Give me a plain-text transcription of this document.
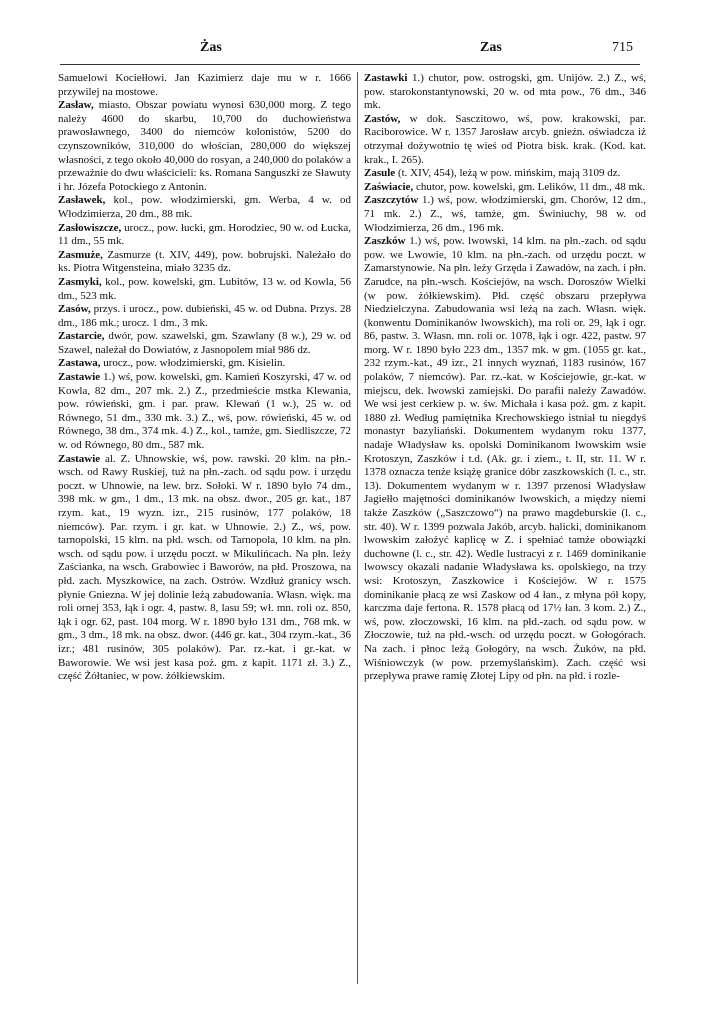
Żas	Zas	715

Samuelowi Kociełłowi. Jan Kazimierz daje mu w r. 1666 przywilej na mostowe.

Zasław, miasto. Obszar powiatu wynosi 630,000 morg. Z tego należy 4600 do skarbu, 10,700 do duchowieństwa prawosławnego, 3400 do niemców kolonistów, 5200 do czynszowników, 310,000 do włościan, 280,000 do większej własności, z tego około 40,000 do rosyan, a 240,000 do polaków a przeważnie do dwu właścicieli: ks. Romana Sanguszki ze Sławuty i hr. Józefa Potockiego z Antonin.

Zasławek, kol., pow. włodzimierski, gm. Werba, 4 w. od Włodzimierza, 20 dm., 88 mk.

Zasłowiszcze, urocz., pow. łucki, gm. Horodziec, 90 w. od Łucka, 11 dm., 55 mk.

Zasmuże, Zasmurze (t. XIV, 449), pow. bobrujski. Należało do ks. Piotra Witgensteina, miało 3235 dz.

Zasmyki, kol., pow. kowelski, gm. Lubitów, 13 w. od Kowla, 56 dm., 523 mk.

Zasów, przys. i urocz., pow. dubieński, 45 w. od Dubna. Przys. 28 dm., 186 mk.; urocz. 1 dm., 3 mk.

Zastarcie, dwór, pow. szawelski, gm. Szawlany (8 w.), 29 w. od Szawel, należał do Dowiatów, z Jasnopolem miał 986 dz.

Zastawa, urocz., pow. włodzimierski, gm. Kisielin.

Zastawie 1.) wś, pow. kowelski, gm. Kamień Koszyrski, 47 w. od Kowla, 82 dm., 207 mk. 2.) Z., przedmieście mstka Klewania, pow. rówieński, gm. i par. praw. Klewań (1 w.), 25 w. od Równego, 51 dm., 330 mk. 3.) Z., wś, pow. rówieński, 45 w. od Równego, 38 dm., 374 mk. 4.) Z., kol., tamże, gm. Siedliszcze, 72 w. od Równego, 80 dm., 587 mk.

Zastawie al. Z. Uhnowskie, wś, pow. rawski. 20 klm. na płn.-wsch. od Rawy Ruskiej, tuż na płn.-zach. od sądu pow. i urzędu poczt. w Uhnowie, na lew. brz. Sołoki. W r. 1890 było 74 dm., 398 mk. w gm., 1 dm., 13 mk. na obsz. dwor., 205 gr. kat., 187 rzym. kat., 19 wyzn. izr., 215 rusinów, 177 polaków, 18 niemców). Par. rzym. i gr. kat. w Uhnowie. 2.) Z., wś, pow. tarnopolski, 15 klm. na płd. wsch. od Tarnopola, 10 klm. na płn. wsch. od sądu pow. i urzędu poczt. w Mikulińcach. Na płn. leży Zaścianka, na wsch. Grabowiec i Baworów, na płd. Proszowa, na płd. zach. Myszkowice, na zach. Ostrów. Wzdłuż granicy wsch. płynie Gniezna. W jej dolinie leżą zabudowania. Własn. więk. ma roli ornej 353, łąk i ogr. 4, pastw. 8, lasu 59; wł. mn. roli oz. 850, łąk i ogr. 62, past. 104 morg. W r. 1890 było 131 dm., 768 mk. w gm., 3 dm., 18 mk. na obsz. dwor. (446 gr. kat., 304 rzym.-kat., 36 izr.; 481 rusinów, 305 polaków). Par. rz.-kat. i gr.-kat. w Baworowie. We wsi jest kasa poż. gm. z kapit. 1171 zł. 3.) Z., część Żółtaniec, w pow. żółkiewskim.

Zastawki 1.) chutor, pow. ostrogski, gm. Unijów. 2.) Z., wś, pow. starokonstantynowski, 20 w. od mta pow., 76 dm., 346 mk.

Zastów, w dok. Sasczitowo, wś, pow. krakowski, par. Raciborowice. W r. 1357 Jarosław arcyb. gnieźn. oświadcza iż otrzymał dożywotnio tę wieś od Piotra bisk. krak. (Kod. kat. krak., I. 265).

Zasule (t. XIV, 454), leżą w pow. mińskim, mają 3109 dz.

Zaświacie, chutor, pow. kowelski, gm. Lelików, 11 dm., 48 mk.

Zaszczytów 1.) wś, pow. włodzimierski, gm. Chorów, 12 dm., 71 mk. 2.) Z., wś, tamże, gm. Świniuchy, 98 w. od Włodzimierza, 26 dm., 196 mk.

Zaszków 1.) wś, pow. lwowski, 14 klm. na płn.-zach. od sądu pow. we Lwowie, 10 klm. na płn.-zach. od urzędu poczt. w Zamarstynowie. Na płn. leży Grzęda i Zawadów, na zach. i płn. Zarudce, na płn.-wsch. Kościejów, na wsch. Doroszów Wielki (w pow. żółkiewskim). Płd. część obszaru przepływa Niedzielczyna. Zabudowania wsi leżą na zach. Własn. więk. (konwentu Dominikanów lwowskich), ma roli or. 29, łąk i ogr. 86, pastw. 3. Własn. mn. roli or. 1078, łąk i ogr. 422, pastw. 97 morg. W r. 1890 było 223 dm., 1357 mk. w gm. (1055 gr. kat., 232 rzym.-kat., 49 izr., 21 innych wyznań, 1183 rusinów, 167 polaków, 7 niemców). Par. rz.-kat. w Kościejowie, gr.-kat. w miejscu, dek. lwowski zamiejski. Do parafii należy Zawadów. We wsi jest cerkiew p. w. św. Michała i kasa poż. gm. z kapit. 1880 zł. Według pamiętnika Krechowskiego istniał tu niegdyś monastyr bazyliański. Dokumentem wydanym roku 1377, nadaje Władysław ks. opolski Dominikanom lwowskim wsie Krotoszyn, Zaszków i t.d. (Ak. gr. i ziem., t. II, str. 11. W r. 1378 oznacza tenże książę granice dóbr zaszkowskich (l. c., str. 13). Dokumentem wydanym w r. 1397 przenosi Władysław Jagiełło majętności dominikanów lwowskich, a między niemi także Zaszków („Saszczowo“) na prawo magdeburskie (l. c., str. 40). W r. 1399 pozwala Jakób, arcyb. halicki, dominikanom lwowskim założyć kaplicę w Z. i spełniać tamże obowiązki duchowne (l. c., str. 42). Wedle lustracyi z r. 1469 dominikanie lwowscy okazali nadanie Władysława ks. opolskiego, na trzy wsi: Krotoszyn, Zaszkowice i Kościejów. W r. 1575 dominikanie płacą ze wsi Zaskow od 4 łan., z młyna pół kopy, karczma daje fertona. R. 1578 płacą od 17½ łan. 3 kom. 2.) Z., wś, pow. złoczowski, 16 klm. na płd.-zach. od sądu pow. w Złoczowie, tuż na płd.-wsch. od urzędu poczt. w Gołogórach. Na zach. i płnoc leżą Gołogóry, na wsch. Żuków, na płd. Wiśniowczyk (w pow. przemyślańskim). Zach. część wsi przepływa prawe ramię Złotej Lipy od płn. na płd. i rozle-
